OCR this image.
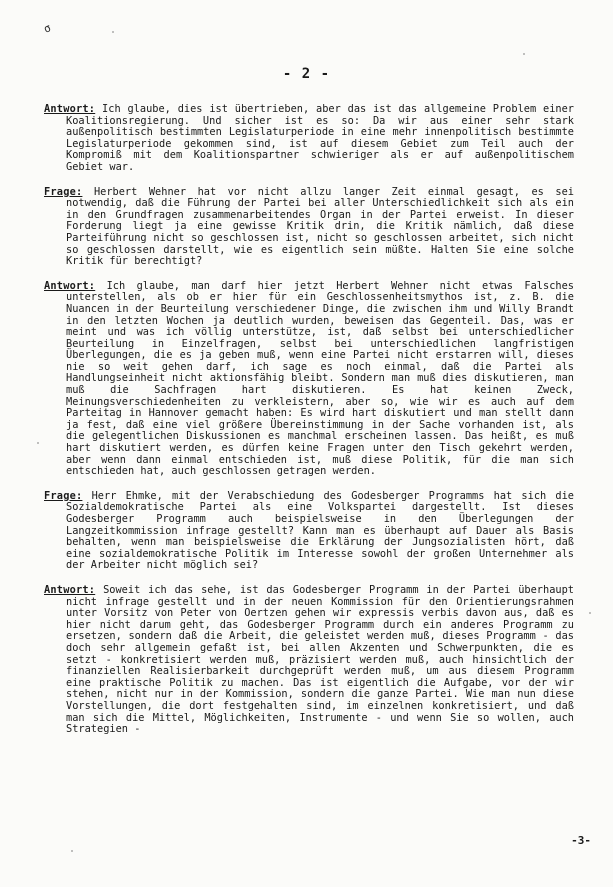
σ
- 2 -

Antwort: Ich glaube, dies ist übertrieben, aber das ist das allgemeine Problem einer Koalitionsregierung. Und sicher ist es so: Da wir aus einer sehr stark außenpolitisch bestimmten Legislaturperiode in eine mehr innenpolitisch bestimmte Legislaturperiode gekommen sind, ist auf diesem Gebiet zum Teil auch der Kompromiß mit dem Koalitionspartner schwieriger als er auf außenpolitischem Gebiet war.

Frage: Herbert Wehner hat vor nicht allzu langer Zeit einmal gesagt, es sei notwendig, daß die Führung der Partei bei aller Unterschiedlichkeit sich als ein in den Grundfragen zusammenarbeitendes Organ in der Partei erweist. In dieser Forderung liegt ja eine gewisse Kritik drin, die Kritik nämlich, daß diese Parteiführung nicht so geschlossen ist, nicht so geschlossen arbeitet, sich nicht so geschlossen darstellt, wie es eigentlich sein müßte. Halten Sie eine solche Kritik für berechtigt?

Antwort: Ich glaube, man darf hier jetzt Herbert Wehner nicht etwas Falsches unterstellen, als ob er hier für ein Geschlossenheitsmythos ist, z. B. die Nuancen in der Beurteilung verschiedener Dinge, die zwischen ihm und Willy Brandt in den letzten Wochen ja deutlich wurden, beweisen das Gegenteil. Das, was er meint und was ich völlig unterstütze, ist, daß selbst bei unterschiedlicher Beurteilung in Einzelfragen, selbst bei unterschiedlichen langfristigen Überlegungen, die es ja geben muß, wenn eine Partei nicht erstarren will, dieses nie so weit gehen darf, ich sage es noch einmal, daß die Partei als Handlungseinheit nicht aktionsfähig bleibt. Sondern man muß dies diskutieren, man muß die Sachfragen hart diskutieren. Es hat keinen Zweck, Meinungsverschiedenheiten zu verkleistern, aber so, wie wir es auch auf dem Parteitag in Hannover gemacht haben: Es wird hart diskutiert und man stellt dann ja fest, daß eine viel größere Übereinstimmung in der Sache vorhanden ist, als die gelegentlichen Diskussionen es manchmal erscheinen lassen. Das heißt, es muß hart diskutiert werden, es dürfen keine Fragen unter den Tisch gekehrt werden, aber wenn dann einmal entschieden ist, muß diese Politik, für die man sich entschieden hat, auch geschlossen getragen werden.

Frage: Herr Ehmke, mit der Verabschiedung des Godesberger Programms hat sich die Sozialdemokratische Partei als eine Volkspartei dargestellt. Ist dieses Godesberger Programm auch beispielsweise in den Überlegungen der Langzeitkommission infrage gestellt? Kann man es überhaupt auf Dauer als Basis behalten, wenn man beispielsweise die Erklärung der Jungsozialisten hört, daß eine sozialdemokratische Politik im Interesse sowohl der großen Unternehmer als der Arbeiter nicht möglich sei?

Antwort: Soweit ich das sehe, ist das Godesberger Programm in der Partei überhaupt nicht infrage gestellt und in der neuen Kommission für den Orientierungsrahmen unter Vorsitz von Peter von Oertzen gehen wir expressis verbis davon aus, daß es hier nicht darum geht, das Godesberger Programm durch ein anderes Programm zu ersetzen, sondern daß die Arbeit, die geleistet werden muß, dieses Programm - das doch sehr allgemein gefaßt ist, bei allen Akzenten und Schwerpunkten, die es setzt - konkretisiert werden muß, präzisiert werden muß, auch hinsichtlich der finanziellen Realisierbarkeit durchgeprüft werden muß, um aus diesem Programm eine praktische Politik zu machen. Das ist eigentlich die Aufgabe, vor der wir stehen, nicht nur in der Kommission, sondern die ganze Partei. Wie man nun diese Vorstellungen, die dort festgehalten sind, im einzelnen konkretisiert, und daß man sich die Mittel, Möglichkeiten, Instrumente - und wenn Sie so wollen, auch Strategien -

-3-
